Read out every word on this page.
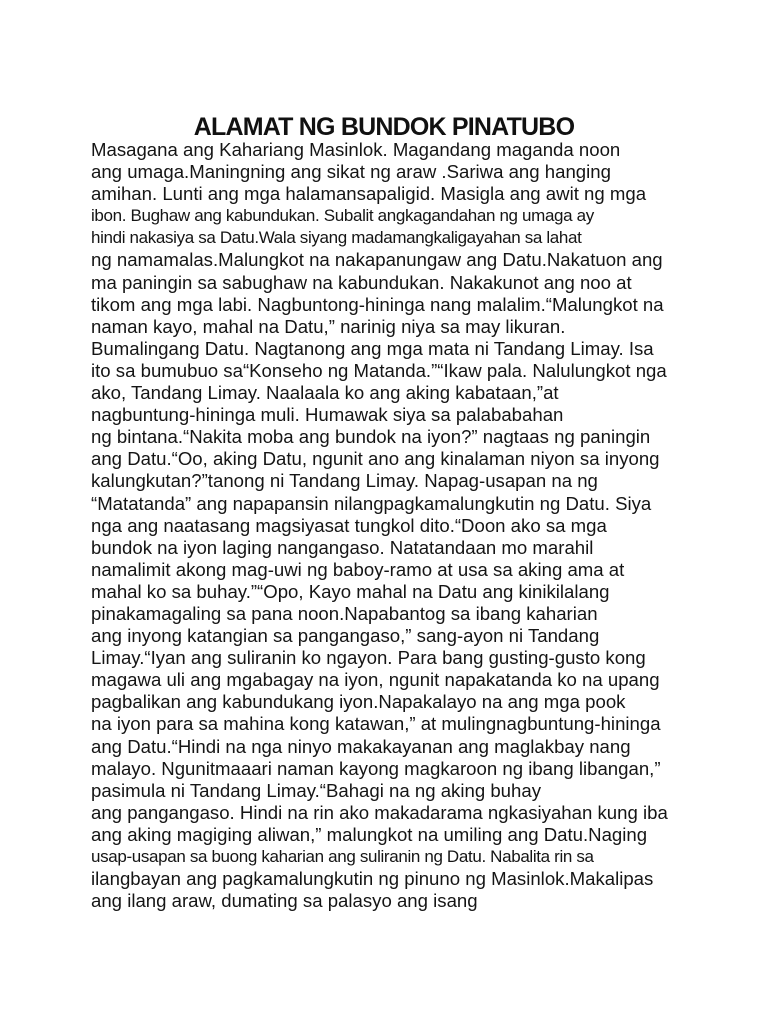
ALAMAT NG BUNDOK PINATUBO
Masagana ang Kahariang Masinlok. Magandang maganda noon
ang umaga.Maningning ang sikat ng araw .Sariwa ang hanging
amihan. Lunti ang mga halamansapaligid. Masigla ang awit ng mga
ibon. Bughaw ang kabundukan. Subalit angkagandahan ng umaga ay
hindi nakasiya sa Datu.Wala siyang madamangkaligayahan sa lahat
ng namamalas.Malungkot na nakapanungaw ang Datu.Nakatuon ang
ma paningin sa sabughaw na kabundukan. Nakakunot ang noo at
tikom ang mga labi. Nagbuntong-hininga nang malalim.“Malungkot na
naman kayo, mahal na Datu,” narinig niya sa may likuran.
Bumalingang Datu. Nagtanong ang mga mata ni Tandang Limay. Isa
ito sa bumubuo sa“Konseho ng Matanda.”“Ikaw pala. Nalulungkot nga
ako, Tandang Limay. Naalaala ko ang aking kabataan,”at
nagbuntung-hininga muli. Humawak siya sa palababahan
ng bintana.“Nakita moba ang bundok na iyon?” nagtaas ng paningin
ang Datu.“Oo, aking Datu, ngunit ano ang kinalaman niyon sa inyong
kalungkutan?”tanong ni Tandang Limay. Napag-usapan na ng
“Matatanda” ang napapansin nilangpagkamalungkutin ng Datu. Siya
nga ang naatasang magsiyasat tungkol dito.“Doon ako sa mga
bundok na iyon laging nangangaso. Natatandaan mo marahil
namalimit akong mag-uwi ng baboy-ramo at usa sa aking ama at
mahal ko sa buhay.”“Opo, Kayo mahal na Datu ang kinikilalang
pinakamagaling sa pana noon.Napabantog sa ibang kaharian
ang inyong katangian sa pangangaso,” sang-ayon ni Tandang
Limay.“Iyan ang suliranin ko ngayon. Para bang gusting-gusto kong
magawa uli ang mgabagay na iyon, ngunit napakatanda ko na upang
pagbalikan ang kabundukang iyon.Napakalayo na ang mga pook
na iyon para sa mahina kong katawan,” at mulingnagbuntung-hininga
ang Datu.“Hindi na nga ninyo makakayanan ang maglakbay nang
malayo. Ngunitmaaari naman kayong magkaroon ng ibang libangan,”
pasimula ni Tandang Limay.“Bahagi na ng aking buhay
ang pangangaso. Hindi na rin ako makadarama ngkasiyahan kung iba
ang aking magiging aliwan,” malungkot na umiling ang Datu.Naging
usap-usapan sa buong kaharian ang suliranin ng Datu. Nabalita rin sa
ilangbayan ang pagkamalungkutin ng pinuno ng Masinlok.Makalipas
ang ilang araw, dumating sa palasyo ang isang
